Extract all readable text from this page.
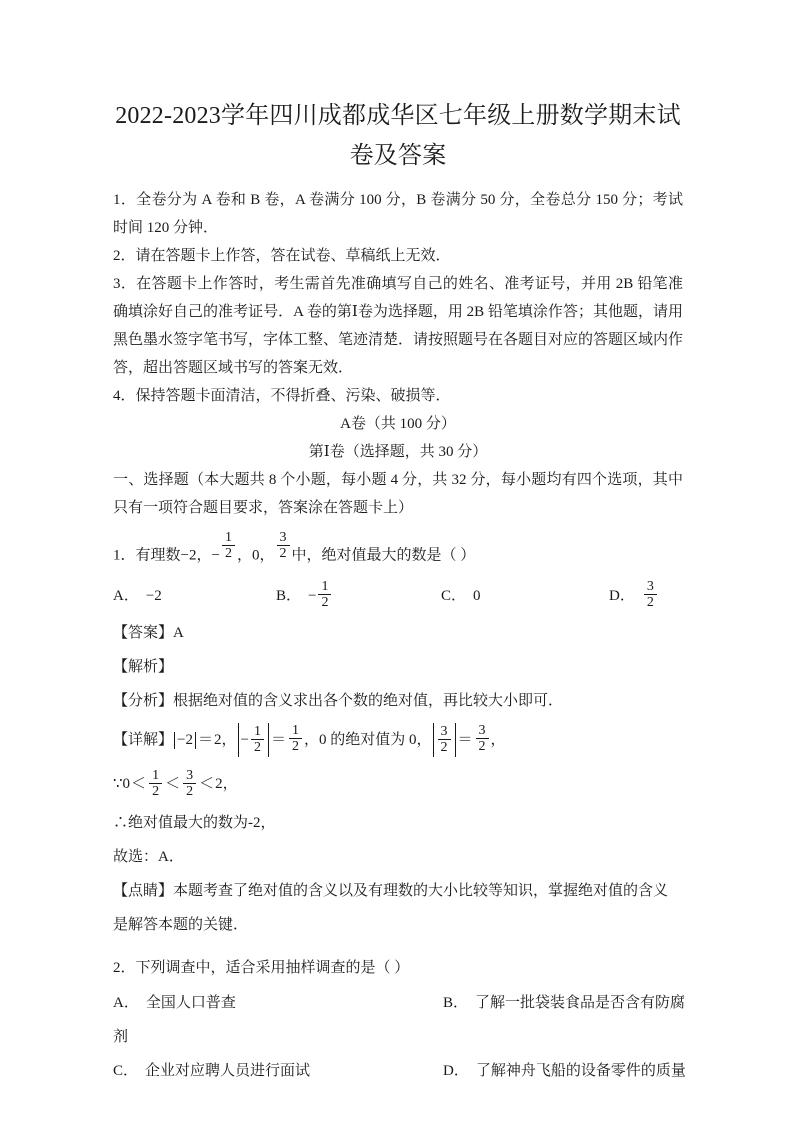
2022-2023学年四川成都成华区七年级上册数学期末试卷及答案

1．全卷分为 A 卷和 B 卷，A 卷满分 100 分，B 卷满分 50 分，全卷总分 150 分；考试时间 120 分钟．

2．请在答题卡上作答，答在试卷、草稿纸上无效．

3．在答题卡上作答时，考生需首先准确填写自己的姓名、准考证号，并用 2B 铅笔准确填涂好自己的准考证号．A 卷的第Ⅰ卷为选择题，用 2B 铅笔填涂作答；其他题，请用黑色墨水签字笔书写，字体工整、笔迹清楚．请按照题号在各题目对应的答题区域内作答，超出答题区域书写的答案无效．

4．保持答题卡面清洁，不得折叠、污染、破损等．

A卷（共 100 分）

第Ⅰ卷（选择题，共 30 分）

一、选择题（本大题共 8 个小题，每小题 4 分，共 32 分，每小题均有四个选项，其中只有一项符合题目要求，答案涂在答题卡上）

1．有理数−2，− $\frac{1}{2}$ ，0， $\frac{3}{2}$ 中，绝对值最大的数是（ ）

A． −2	B． − $\frac{1}{2}$	C． 0	D． $\frac{3}{2}$

【答案】A

【解析】

【分析】根据绝对值的含义求出各个数的绝对值，再比较大小即可．

【详解】 −2 ＝2， − $\frac{1}{2} = \frac{1}{2}$ ，0 的绝对值为 0， $\frac{3}{2} = \frac{3}{2}$ ，

∵0＜ $\frac{1}{2} < \frac{3}{2} <2$，

∴绝对值最大的数为-2，

故选：A．

【点睛】本题考查了绝对值的含义以及有理数的大小比较等知识，掌握绝对值的含义是解答本题的关键．

2．下列调查中，适合采用抽样调查的是（ ）

A． 全国人口普查	B． 了解一批袋装食品是否含有防腐
剂
C． 企业对应聘人员进行面试	D． 了解神舟飞船的设备零件的质量
